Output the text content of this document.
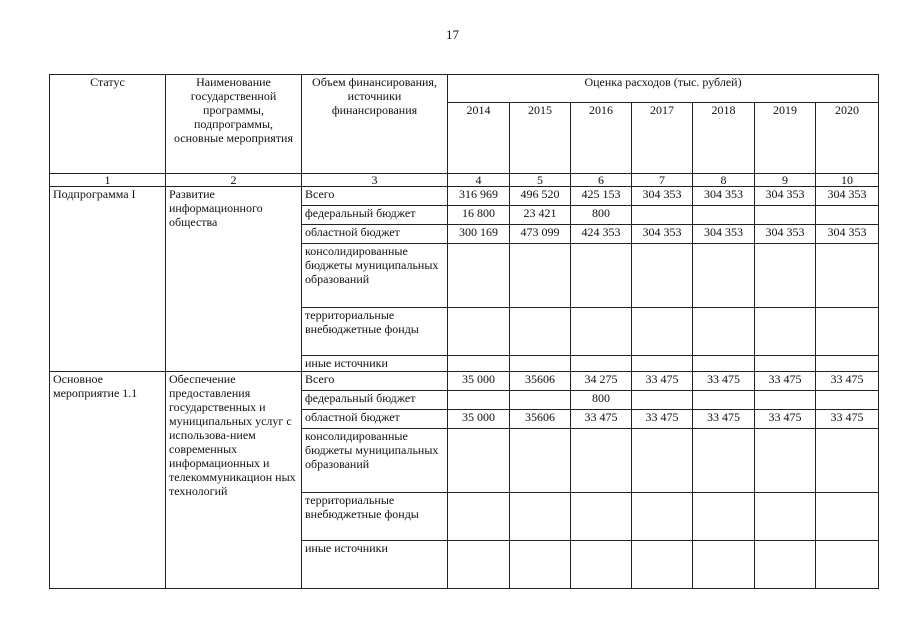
17
Статус	Наименование государственной программы, подпрограммы, основные мероприятия	Объем финансирования, источники финансирования	Оценка расходов (тыс. рублей)						
			2014	2015	2016	2017	2018	2019	2020
1	2	3	4	5	6	7	8	9	10
Подпрограмма I	Развитие информационного общества	Всего	316 969	496 520	425 153	304 353	304 353	304 353	304 353
		федеральный бюджет	16 800	23 421	800				
		областной бюджет	300 169	473 099	424 353	304 353	304 353	304 353	304 353
		консолидированные бюджеты муниципальных образований							
		территориальные внебюджетные фонды							
		иные источники							
Основное мероприятие 1.1	Обеспечение предоставления государственных и муниципальных услуг с использова-нием современных информационных и телекоммуникацион ных технологий	Всего	35 000	35606	34 275	33 475	33 475	33 475	33 475
		федеральный бюджет			800				
		областной бюджет	35 000	35606	33 475	33 475	33 475	33 475	33 475
		консолидированные бюджеты муниципальных образований							
		территориальные внебюджетные фонды							
		иные источники							
